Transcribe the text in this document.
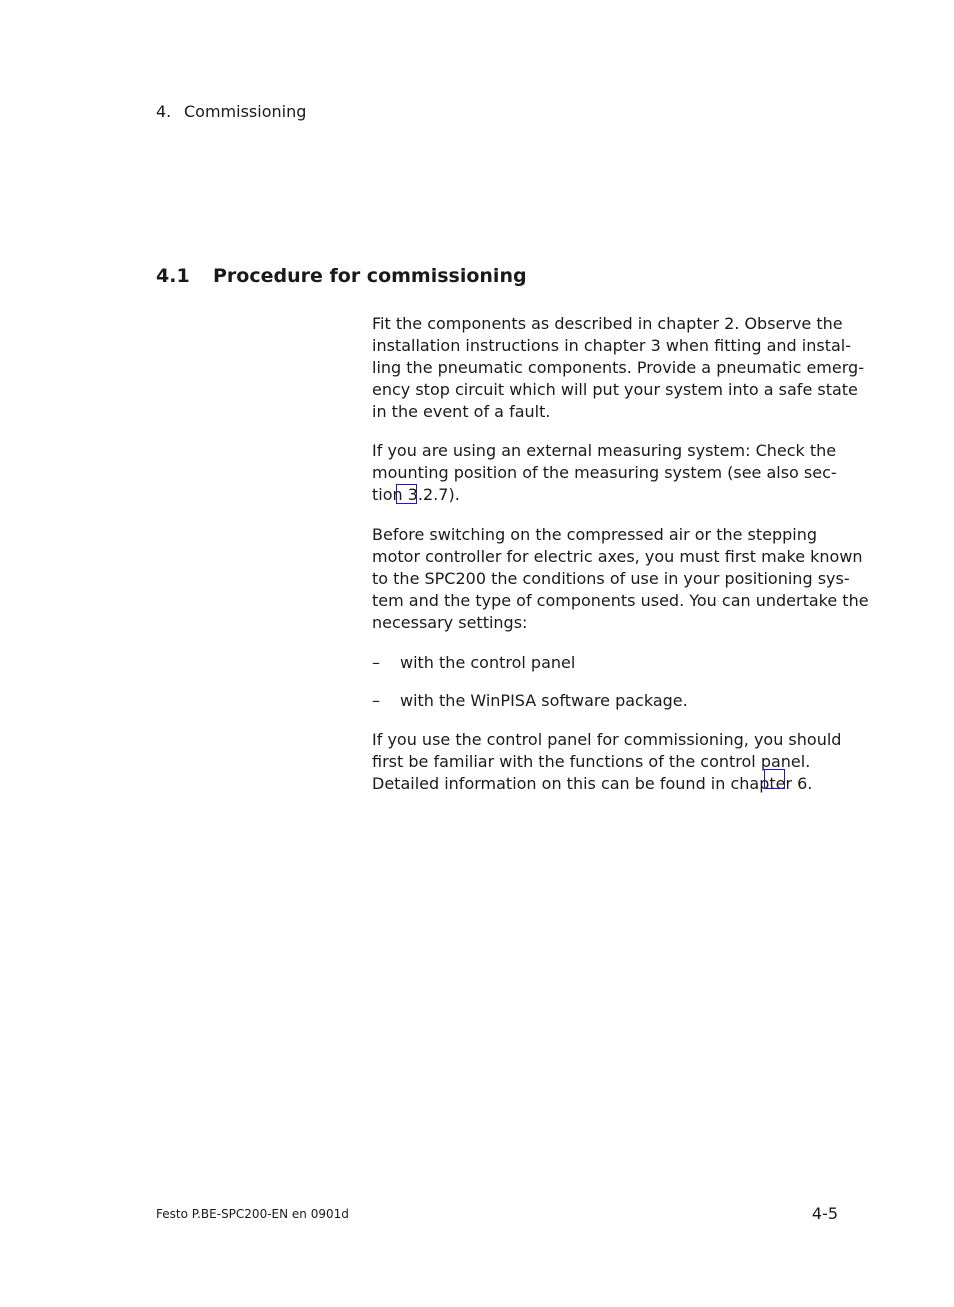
4. Commissioning
4.1 Procedure for commissioning

Fit the components as described in chapter 2. Observe the
installation instructions in chapter 3 when fitting and instal-
ling the pneumatic components. Provide a pneumatic emerg-
ency stop circuit which will put your system into a safe state
in the event of a fault.

If you are using an external measuring system: Check the
mounting position of the measuring system (see also sec-
tion 3.2.7).

Before switching on the compressed air or the stepping
motor controller for electric axes, you must first make known
to the SPC200 the conditions of use in your positioning sys-
tem and the type of components used. You can undertake the
necessary settings:

– with the control panel
– with the WinPISA software package.

If you use the control panel for commissioning, you should
first be familiar with the functions of the control panel.
Detailed information on this can be found in chapter 6.

Festo P.BE-SPC200-EN en 0901d	4-5
